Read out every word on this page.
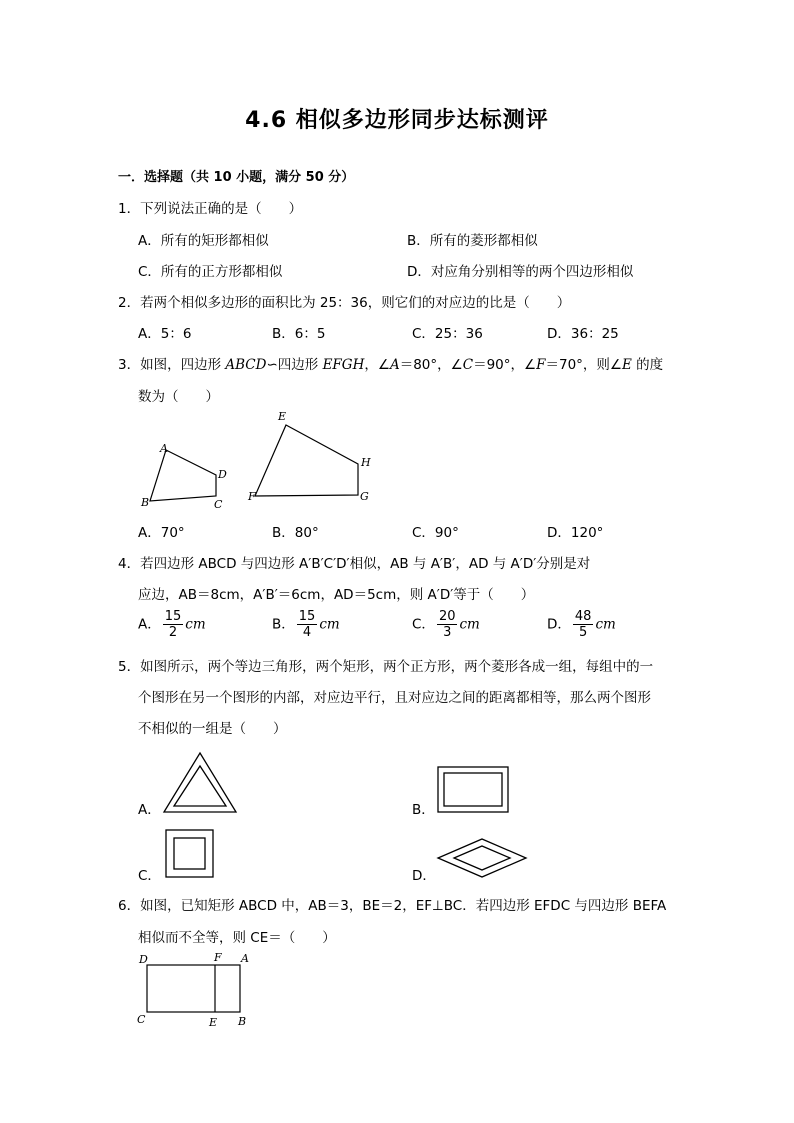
4.6 相似多边形同步达标测评
一．选择题（共 10 小题，满分 50 分）
1．下列说法正确的是（　　）
A．所有的矩形都相似	B．所有的菱形都相似
C．所有的正方形都相似	D．对应角分别相等的两个四边形相似
2．若两个相似多边形的面积比为 25：36，则它们的对应边的比是（　　）
A．5：6	B．6：5	C．25：36	D．36：25
3．如图，四边形 ABCD∽四边形 EFGH，∠A＝80°，∠C＝90°，∠F＝70°，则∠E 的度
数为（　　）
A
B	C
D
E
F	G
H
A．70°	B．80°	C．90°	D．120°
4．若四边形 ABCD 与四边形 A′B′C′D′相似，AB 与 A′B′，AD 与 A′D′分别是对
应边，AB＝8cm，A′B′＝6cm，AD＝5cm，则 A′D′等于（　　）
A． $\frac{15}{2}$ cm	B． $\frac{15}{4}$ cm	C． $\frac{20}{3}$ cm	D． $\frac{48}{5}$ cm
5．如图所示，两个等边三角形，两个矩形，两个正方形，两个菱形各成一组，每组中的一
个图形在另一个图形的内部，对应边平行，且对应边之间的距离都相等，那么两个图形
不相似的一组是（　　）
A．	B．
C．	D．
6．如图，已知矩形 ABCD 中，AB＝3，BE＝2，EF⊥BC．若四边形 EFDC 与四边形 BEFA
相似而不全等，则 CE＝（　　）
D	F A
C	E B
